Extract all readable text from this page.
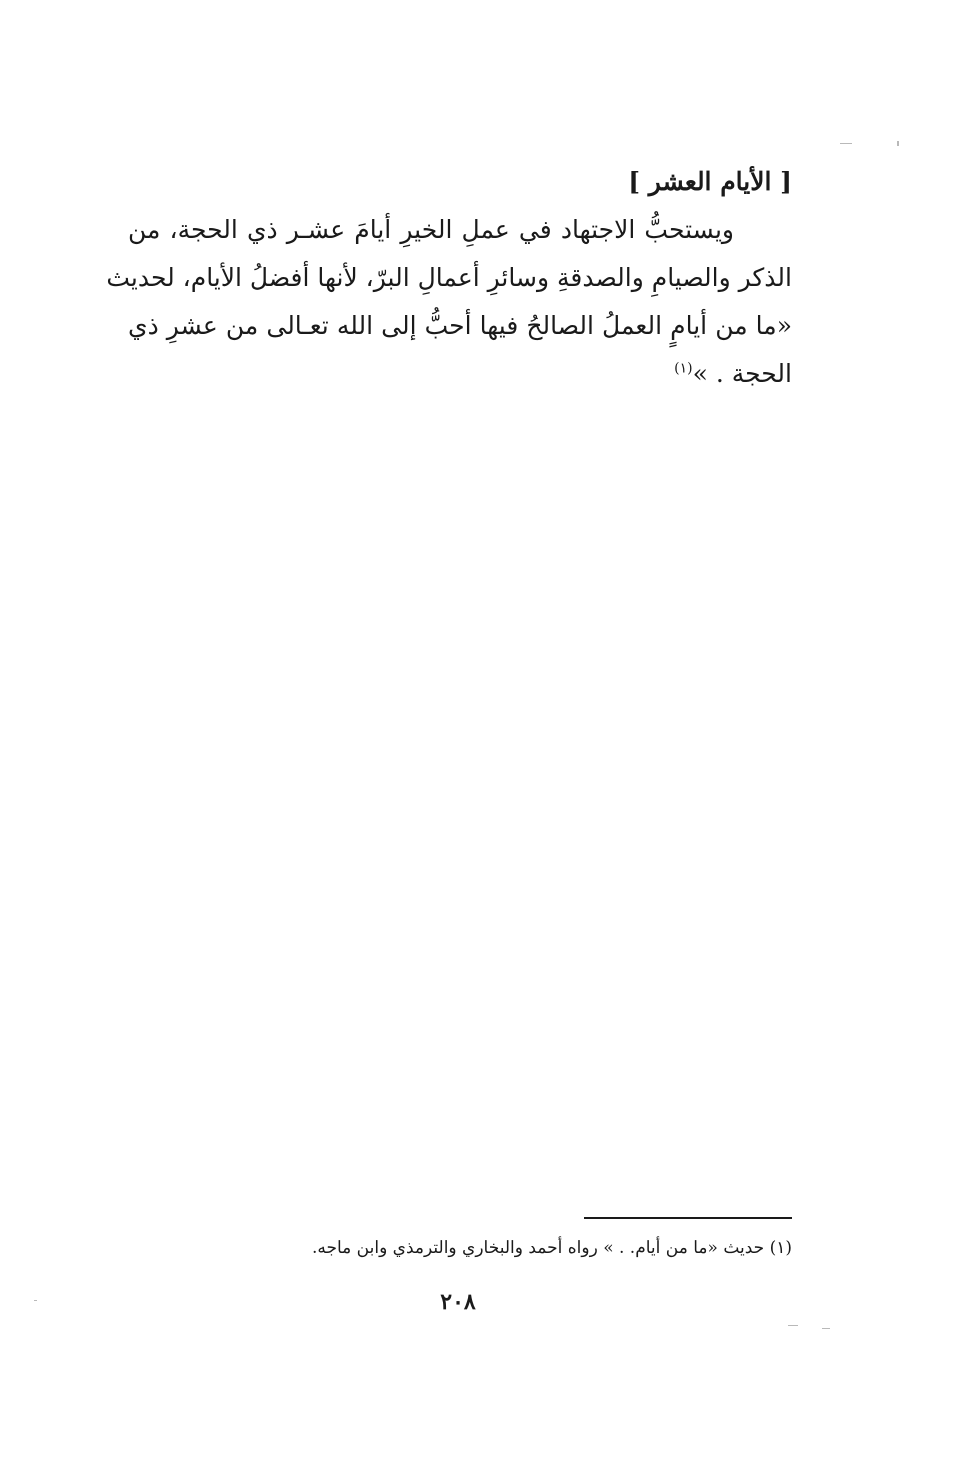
[ الأيام العشر ]
ويستحبُّ الاجتهاد في عملِ الخيرِ أيامَ عشـر ذي الحجة، من
الذكر والصيامِ والصدقةِ وسائرِ أعمالِ البرّ، لأنها أفضلُ الأيام، لحديث
«ما من أيامٍ العملُ الصالحُ فيها أحبُّ إلى الله تعـالى من عشرِ ذي
الحجة . »$^{(١)}$
(١) حديث «ما من أيام. . » رواه أحمد والبخاري والترمذي وابن ماجه.
٢٠٨
